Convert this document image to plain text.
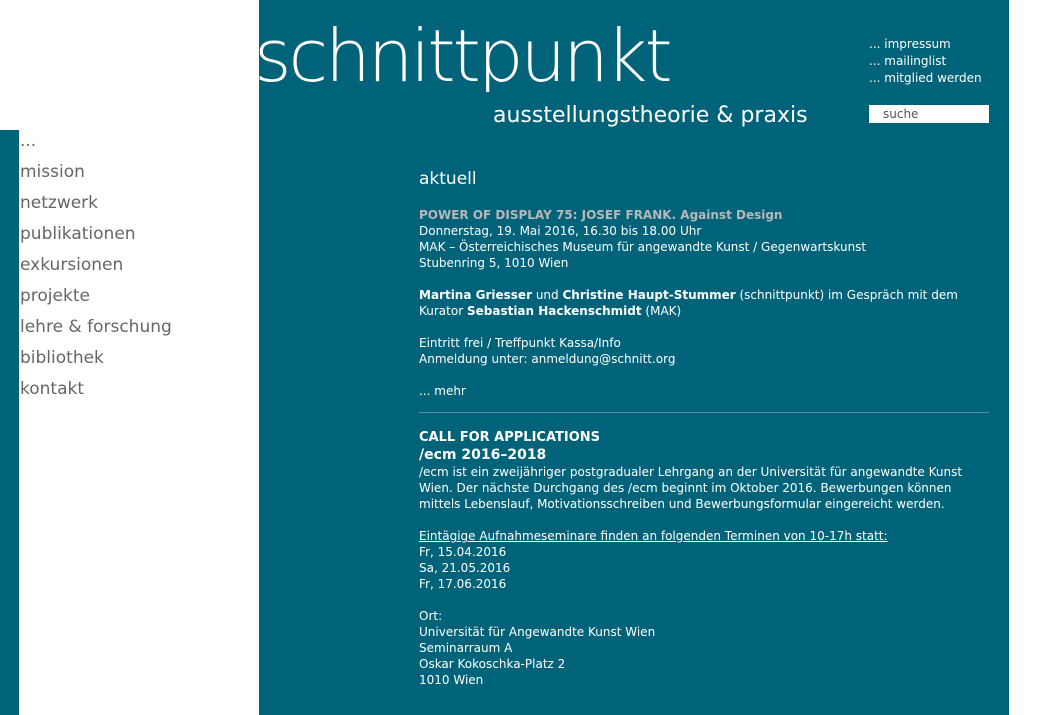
schnittpunkt
ausstellungstheorie & praxis
... impressum
... mailinglist
... mitglied werden
suche
...
mission
netzwerk
publikationen
exkursionen
projekte
lehre & forschung
bibliothek
kontakt
aktuell

POWER OF DISPLAY 75: JOSEF FRANK. Against Design

Donnerstag, 19. Mai 2016, 16.30 bis 18.00 Uhr

MAK – Österreichisches Museum für angewandte Kunst / Gegenwartskunst

Stubenring 5, 1010 Wien

Martina Griesser und Christine Haupt-Stummer (schnittpunkt) im Gespräch mit dem

Kurator Sebastian Hackenschmidt (MAK)

Eintritt frei / Treffpunkt Kassa/Info

Anmeldung unter: anmeldung@schnitt.org

... mehr

CALL FOR APPLICATIONS

/ecm 2016–2018

/ecm ist ein zweijähriger postgradualer Lehrgang an der Universität für angewandte Kunst Wien. Der nächste Durchgang des /ecm beginnt im Oktober 2016. Bewerbungen können mittels Lebenslauf, Motivationsschreiben und Bewerbungsformular eingereicht werden.

Eintägige Aufnahmeseminare finden an folgenden Terminen von 10-17h statt:

Fr, 15.04.2016

Sa, 21.05.2016

Fr, 17.06.2016

Ort:

Universität für Angewandte Kunst Wien

Seminarraum A

Oskar Kokoschka-Platz 2

1010 Wien
